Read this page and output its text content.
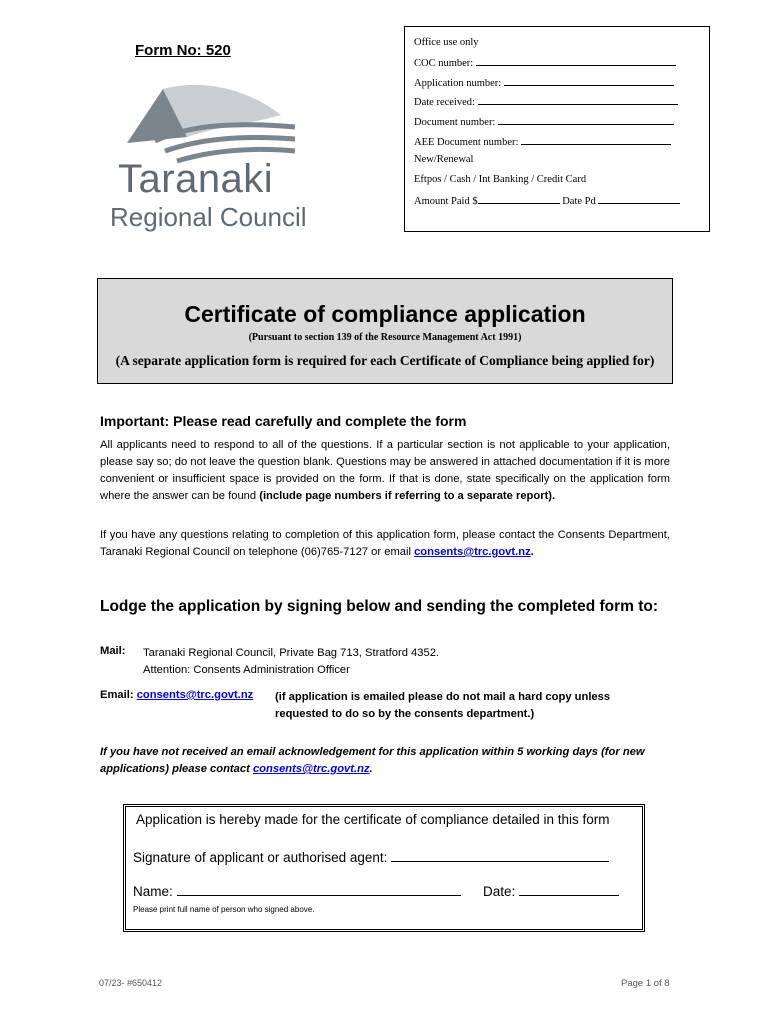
Form No: 520
Taranaki
Regional Council
Office use only
COC number:
Application number:
Date received:
Document number:
AEE Document number:
New/Renewal
Eftpos / Cash / Int Banking / Credit Card
Amount Paid $	Date Pd
Certificate of compliance application
(Pursuant to section 139 of the Resource Management Act 1991)
(A separate application form is required for each Certificate of Compliance being applied for)
Important: Please read carefully and complete the form
All applicants need to respond to all of the questions. If a particular section is not applicable to your application, please say so; do not leave the question blank. Questions may be answered in attached documentation if it is more convenient or insufficient space is provided on the form. If that is done, state specifically on the application form where the answer can be found (include page numbers if referring to a separate report).
If you have any questions relating to completion of this application form, please contact the Consents Department, Taranaki Regional Council on telephone (06)765-7127 or email consents@trc.govt.nz.
Lodge the application by signing below and sending the completed form to:
Mail: Taranaki Regional Council, Private Bag 713, Stratford 4352.
Attention: Consents Administration Officer
Email: consents@trc.govt.nz (if application is emailed please do not mail a hard copy unless requested to do so by the consents department.)
If you have not received an email acknowledgement for this application within 5 working days (for new applications) please contact consents@trc.govt.nz.
Application is hereby made for the certificate of compliance detailed in this form
Signature of applicant or authorised agent:
Name:	Date:
Please print full name of person who signed above.
07/23- #650412	Page 1 of 8
